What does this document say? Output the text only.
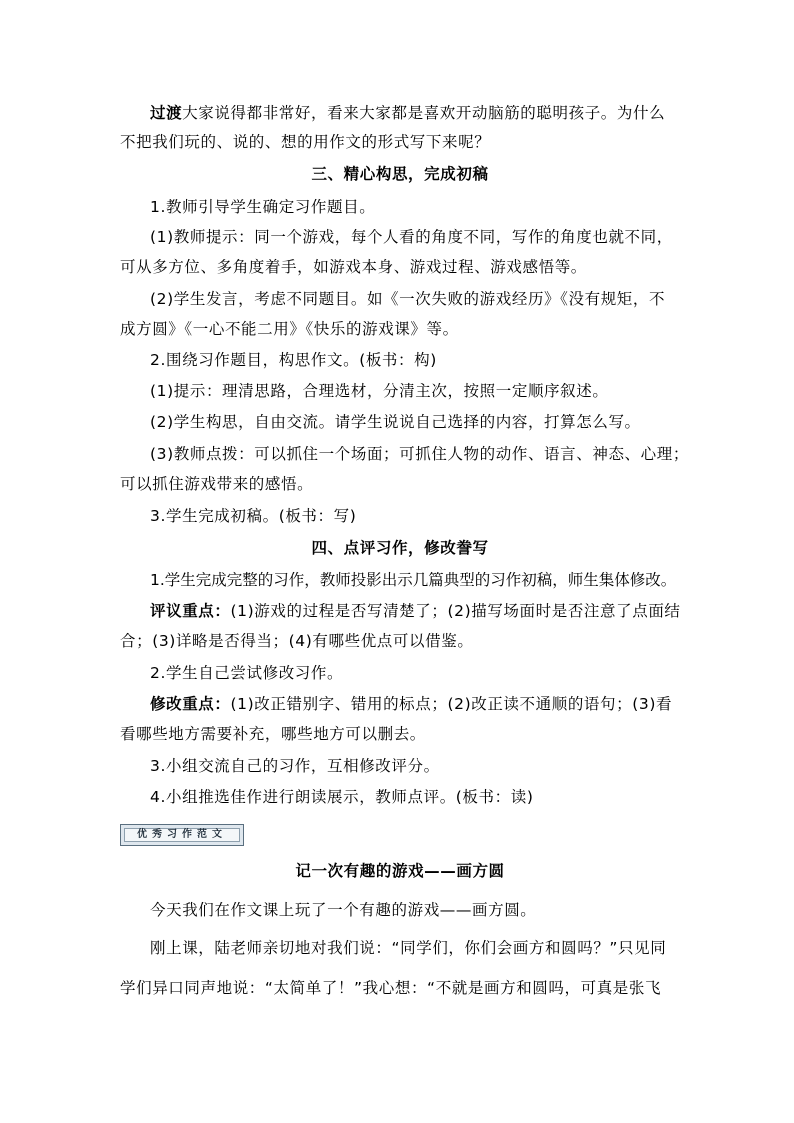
过渡大家说得都非常好，看来大家都是喜欢开动脑筋的聪明孩子。为什么
不把我们玩的、说的、想的用作文的形式写下来呢？
三、精心构思，完成初稿
1.教师引导学生确定习作题目。
(1)教师提示：同一个游戏，每个人看的角度不同，写作的角度也就不同，
可从多方位、多角度着手，如游戏本身、游戏过程、游戏感悟等。
(2)学生发言，考虑不同题目。如《一次失败的游戏经历》《没有规矩，不
成方圆》《一心不能二用》《快乐的游戏课》等。
2.围绕习作题目，构思作文。(板书：构)
(1)提示：理清思路，合理选材，分清主次，按照一定顺序叙述。
(2)学生构思，自由交流。请学生说说自己选择的内容，打算怎么写。
(3)教师点拨：可以抓住一个场面；可抓住人物的动作、语言、神态、心理；
可以抓住游戏带来的感悟。
3.学生完成初稿。(板书：写)
四、点评习作，修改誊写
1.学生完成完整的习作，教师投影出示几篇典型的习作初稿，师生集体修改。
评议重点：(1)游戏的过程是否写清楚了；(2)描写场面时是否注意了点面结
合；(3)详略是否得当；(4)有哪些优点可以借鉴。
2.学生自己尝试修改习作。
修改重点：(1)改正错别字、错用的标点；(2)改正读不通顺的语句；(3)看
看哪些地方需要补充，哪些地方可以删去。
3.小组交流自己的习作，互相修改评分。
4.小组推选佳作进行朗读展示，教师点评。(板书：读)
优秀习作范文
记一次有趣的游戏——画方圆
今天我们在作文课上玩了一个有趣的游戏——画方圆。
刚上课，陆老师亲切地对我们说：“同学们，你们会画方和圆吗？”只见同
学们异口同声地说：“太简单了！”我心想：“不就是画方和圆吗，可真是张飞
